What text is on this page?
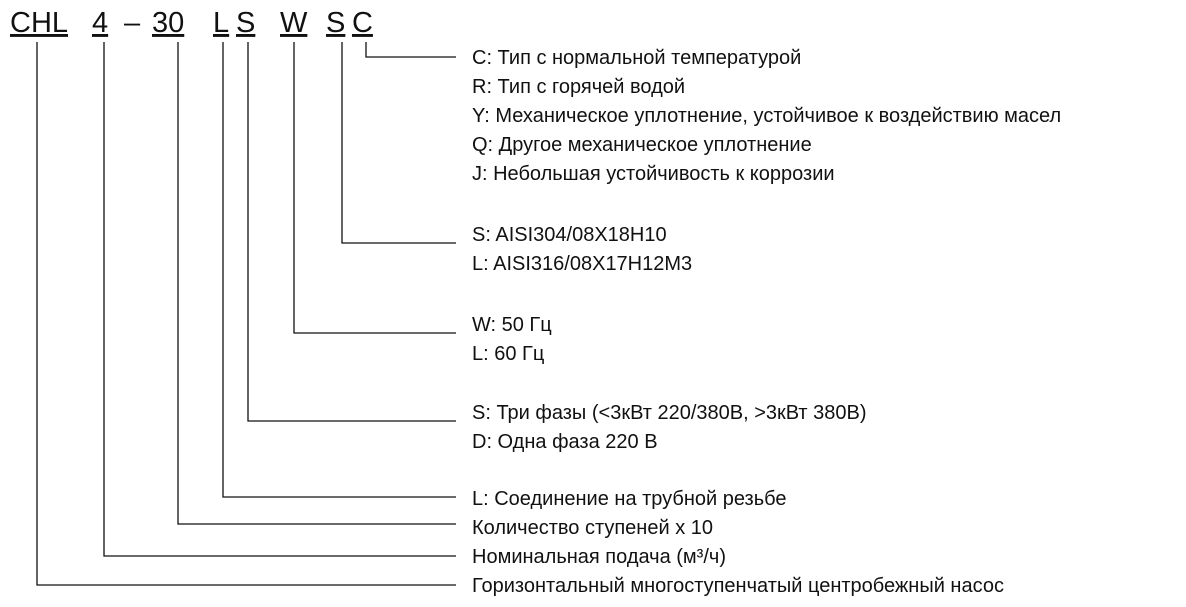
CHL 4 – 30 L S W S C
C: Тип с нормальной температурой
R: Тип с горячей водой
Y: Механическое уплотнение, устойчивое к воздействию масел
Q: Другое механическое уплотнение
J: Небольшая устойчивость к коррозии
S: AISI304/08Х18Н10
L: AISI316/08Х17Н12М3
W: 50 Гц
L: 60 Гц
S: Три фазы (<3кВт 220/380В, >3кВт 380В)
D: Одна фаза 220 В
L: Соединение на трубной резьбе
Количество ступеней х 10
Номинальная подача (м³/ч)
Горизонтальный многоступенчатый центробежный насос
